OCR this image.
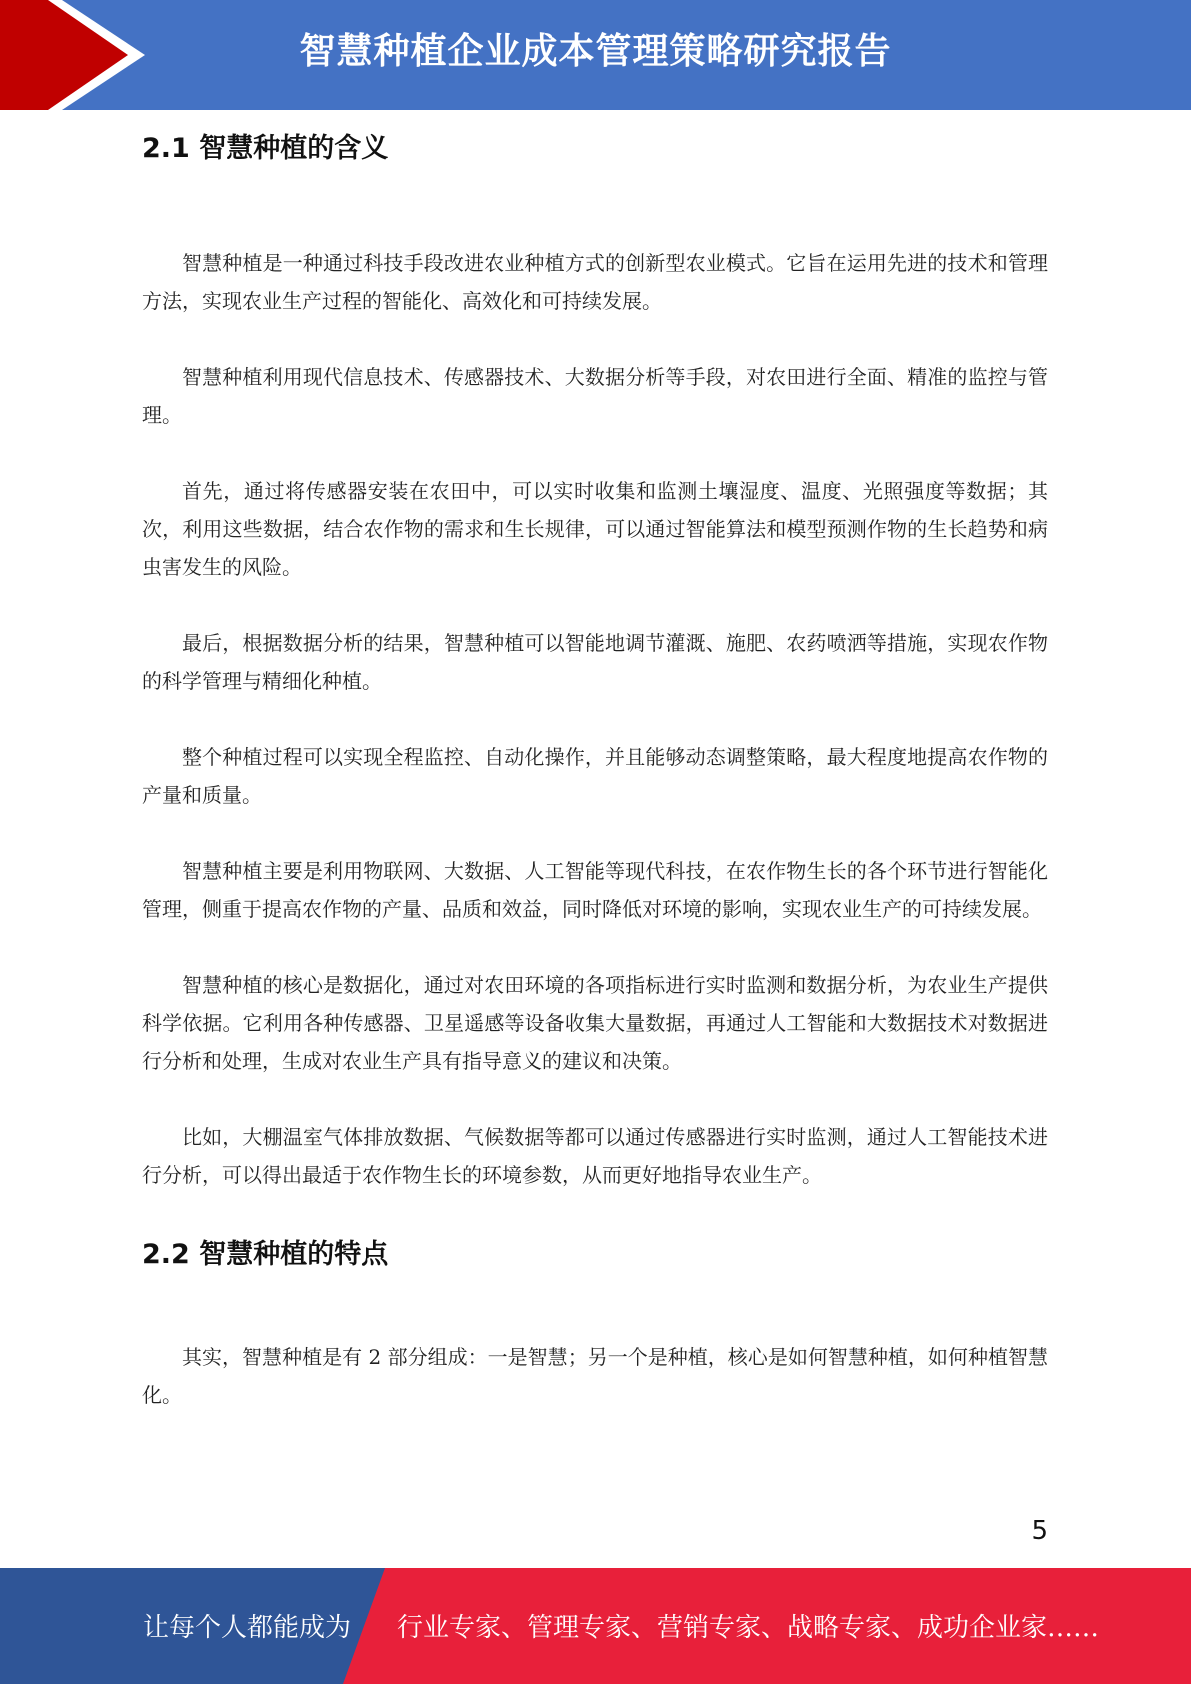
智慧种植企业成本管理策略研究报告
2.1 智慧种植的含义

智慧种植是一种通过科技手段改进农业种植方式的创新型农业模式。它旨在运用先进的技术和管理方法，实现农业生产过程的智能化、高效化和可持续发展。

智慧种植利用现代信息技术、传感器技术、大数据分析等手段，对农田进行全面、精准的监控与管理。

首先，通过将传感器安装在农田中，可以实时收集和监测土壤湿度、温度、光照强度等数据；其次，利用这些数据，结合农作物的需求和生长规律，可以通过智能算法和模型预测作物的生长趋势和病虫害发生的风险。

最后，根据数据分析的结果，智慧种植可以智能地调节灌溉、施肥、农药喷洒等措施，实现农作物的科学管理与精细化种植。

整个种植过程可以实现全程监控、自动化操作，并且能够动态调整策略，最大程度地提高农作物的产量和质量。

智慧种植主要是利用物联网、大数据、人工智能等现代科技，在农作物生长的各个环节进行智能化管理，侧重于提高农作物的产量、品质和效益，同时降低对环境的影响，实现农业生产的可持续发展。

智慧种植的核心是数据化，通过对农田环境的各项指标进行实时监测和数据分析，为农业生产提供科学依据。它利用各种传感器、卫星遥感等设备收集大量数据，再通过人工智能和大数据技术对数据进行分析和处理，生成对农业生产具有指导意义的建议和决策。

比如，大棚温室气体排放数据、气候数据等都可以通过传感器进行实时监测，通过人工智能技术进行分析，可以得出最适于农作物生长的环境参数，从而更好地指导农业生产。

2.2 智慧种植的特点

其实，智慧种植是有 2 部分组成：一是智慧；另一个是种植，核心是如何智慧种植，如何种植智慧化。

5
让每个人都能成为 行业专家、管理专家、营销专家、战略专家、成功企业家……
